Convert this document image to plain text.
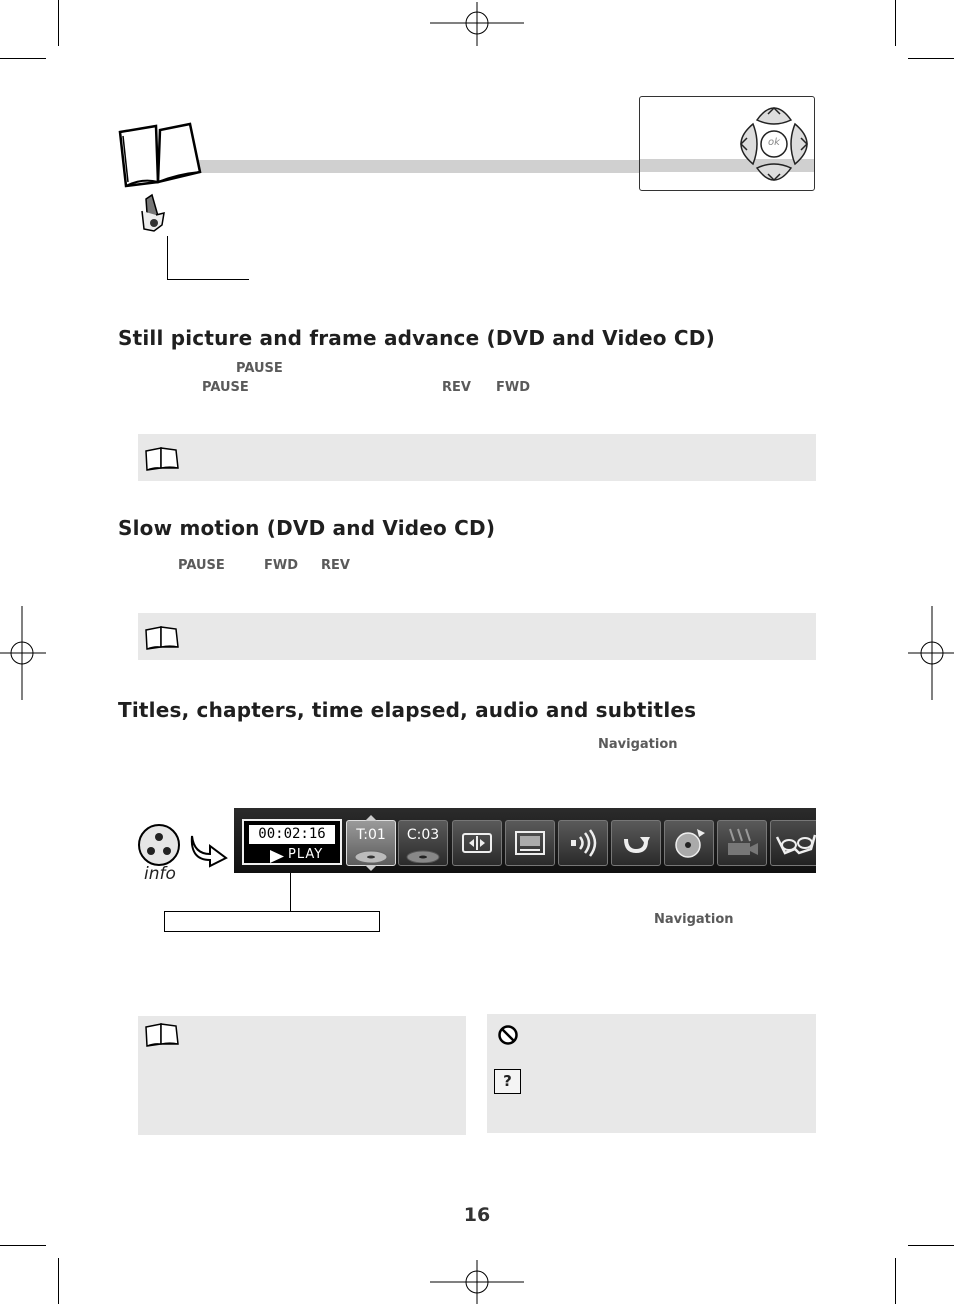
ok
Still picture and frame advance (DVD and Video CD)
PAUSE
PAUSE	REV FWD
Slow motion (DVD and Video CD)
PAUSE	FWD REV
Titles, chapters, time elapsed, audio and subtitles
Navigation
info
00:02:16
PLAY
T:01	C:03
Navigation
?
16
